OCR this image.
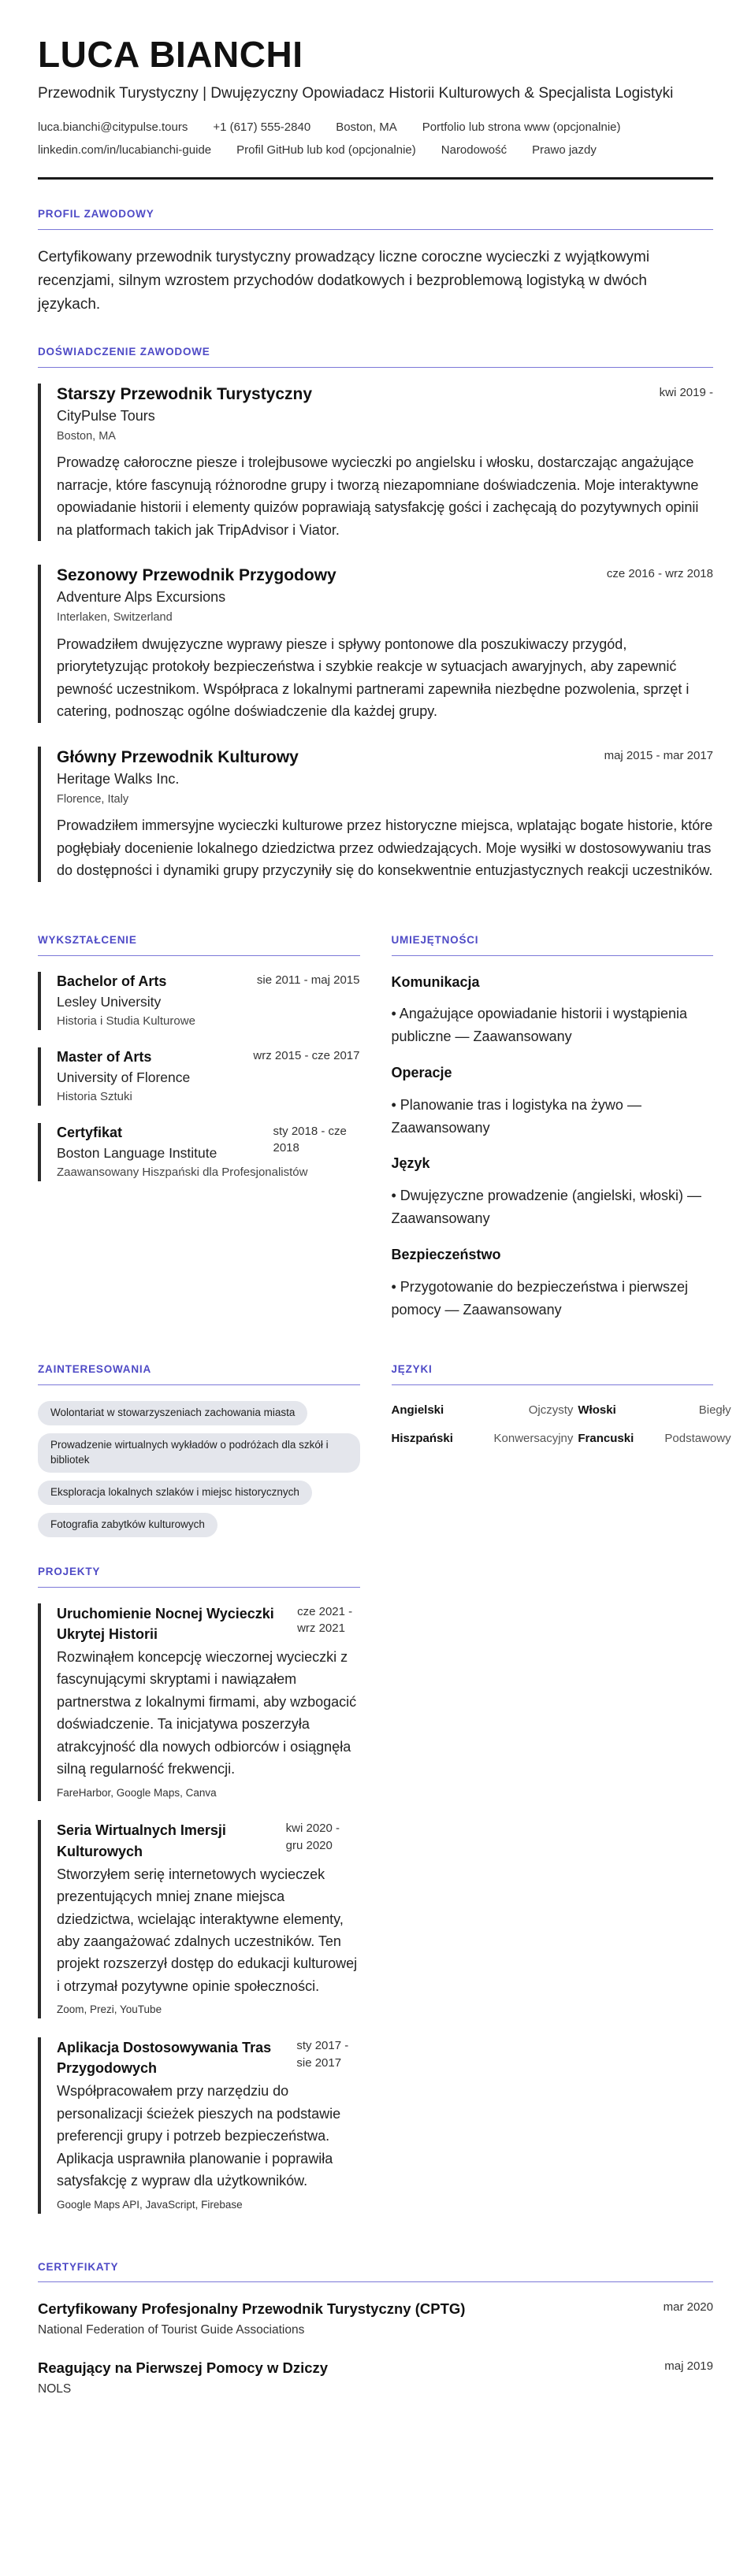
LUCA BIANCHI
Przewodnik Turystyczny | Dwujęzyczny Opowiadacz Historii Kulturowych & Specjalista Logistyki
luca.bianchi@citypulse.tours +1 (617) 555-2840 Boston, MA Portfolio lub strona www (opcjonalnie)
linkedin.com/in/lucabianchi-guide Profil GitHub lub kod (opcjonalnie) Narodowość Prawo jazdy
PROFIL ZAWODOWY

Certyfikowany przewodnik turystyczny prowadzący liczne coroczne wycieczki z wyjątkowymi recenzjami, silnym wzrostem przychodów dodatkowych i bezproblemową logistyką w dwóch językach.

DOŚWIADCZENIE ZAWODOWE
Starszy Przewodnik Turystyczny	kwi 2019 -
CityPulse Tours
Boston, MA

Prowadzę całoroczne piesze i trolejbusowe wycieczki po angielsku i włosku, dostarczając angażujące narracje, które fascynują różnorodne grupy i tworzą niezapomniane doświadczenia. Moje interaktywne opowiadanie historii i elementy quizów poprawiają satysfakcję gości i zachęcają do pozytywnych opinii na platformach takich jak TripAdvisor i Viator.

Sezonowy Przewodnik Przygodowy	cze 2016 - wrz 2018
Adventure Alps Excursions
Interlaken, Switzerland

Prowadziłem dwujęzyczne wyprawy piesze i spływy pontonowe dla poszukiwaczy przygód, priorytetyzując protokoły bezpieczeństwa i szybkie reakcje w sytuacjach awaryjnych, aby zapewnić pewność uczestnikom. Współpraca z lokalnymi partnerami zapewniła niezbędne pozwolenia, sprzęt i catering, podnosząc ogólne doświadczenie dla każdej grupy.

Główny Przewodnik Kulturowy	maj 2015 - mar 2017
Heritage Walks Inc.
Florence, Italy

Prowadziłem immersyjne wycieczki kulturowe przez historyczne miejsca, wplatając bogate historie, które pogłębiały docenienie lokalnego dziedzictwa przez odwiedzających. Moje wysiłki w dostosowywaniu tras do dostępności i dynamiki grupy przyczyniły się do konsekwentnie entuzjastycznych reakcji uczestników.

WYKSZTAŁCENIE
Bachelor of Arts	sie 2011 - maj 2015
Lesley University
Historia i Studia Kulturowe
Master of Arts	wrz 2015 - cze 2017
University of Florence
Historia Sztuki
Certyfikat
Boston Language Institute
sty 2018 - cze 2018
Zaawansowany Hiszpański dla Profesjonalistów
UMIEJĘTNOŚCI
Komunikacja
• Angażujące opowiadanie historii i wystąpienia publiczne — Zaawansowany
Operacje
• Planowanie tras i logistyka na żywo — Zaawansowany
Język
• Dwujęzyczne prowadzenie (angielski, włoski) — Zaawansowany
Bezpieczeństwo
• Przygotowanie do bezpieczeństwa i pierwszej pomocy — Zaawansowany
ZAINTERESOWANIA
Wolontariat w stowarzyszeniach zachowania miasta
Prowadzenie wirtualnych wykładów o podróżach dla szkół i bibliotek
Eksploracja lokalnych szlaków i miejsc historycznych
Fotografia zabytków kulturowych
JĘZYKI
Angielski	Ojczysty Włoski	Biegły
Hiszpański	Konwersacyjny Francuski	Podstawowy
PROJEKTY
Uruchomienie Nocnej Wycieczki Ukrytej Historii
cze 2021 - wrz 2021

Rozwinąłem koncepcję wieczornej wycieczki z fascynującymi skryptami i nawiązałem partnerstwa z lokalnymi firmami, aby wzbogacić doświadczenie. Ta inicjatywa poszerzyła atrakcyjność dla nowych odbiorców i osiągnęła silną regularność frekwencji.

FareHarbor, Google Maps, Canva
Seria Wirtualnych Imersji Kulturowych
kwi 2020 - gru 2020

Stworzyłem serię internetowych wycieczek prezentujących mniej znane miejsca dziedzictwa, wcielając interaktywne elementy, aby zaangażować zdalnych uczestników. Ten projekt rozszerzył dostęp do edukacji kulturowej i otrzymał pozytywne opinie społeczności.

Zoom, Prezi, YouTube
Aplikacja Dostosowywania Tras Przygodowych
sty 2017 - sie 2017

Współpracowałem przy narzędziu do personalizacji ścieżek pieszych na podstawie preferencji grupy i potrzeb bezpieczeństwa. Aplikacja usprawniła planowanie i poprawiła satysfakcję z wypraw dla użytkowników.

Google Maps API, JavaScript, Firebase
CERTYFIKATY
Certyfikowany Profesjonalny Przewodnik Turystyczny (CPTG)	mar 2020
National Federation of Tourist Guide Associations
Reagujący na Pierwszej Pomocy w Dziczy	maj 2019
NOLS
